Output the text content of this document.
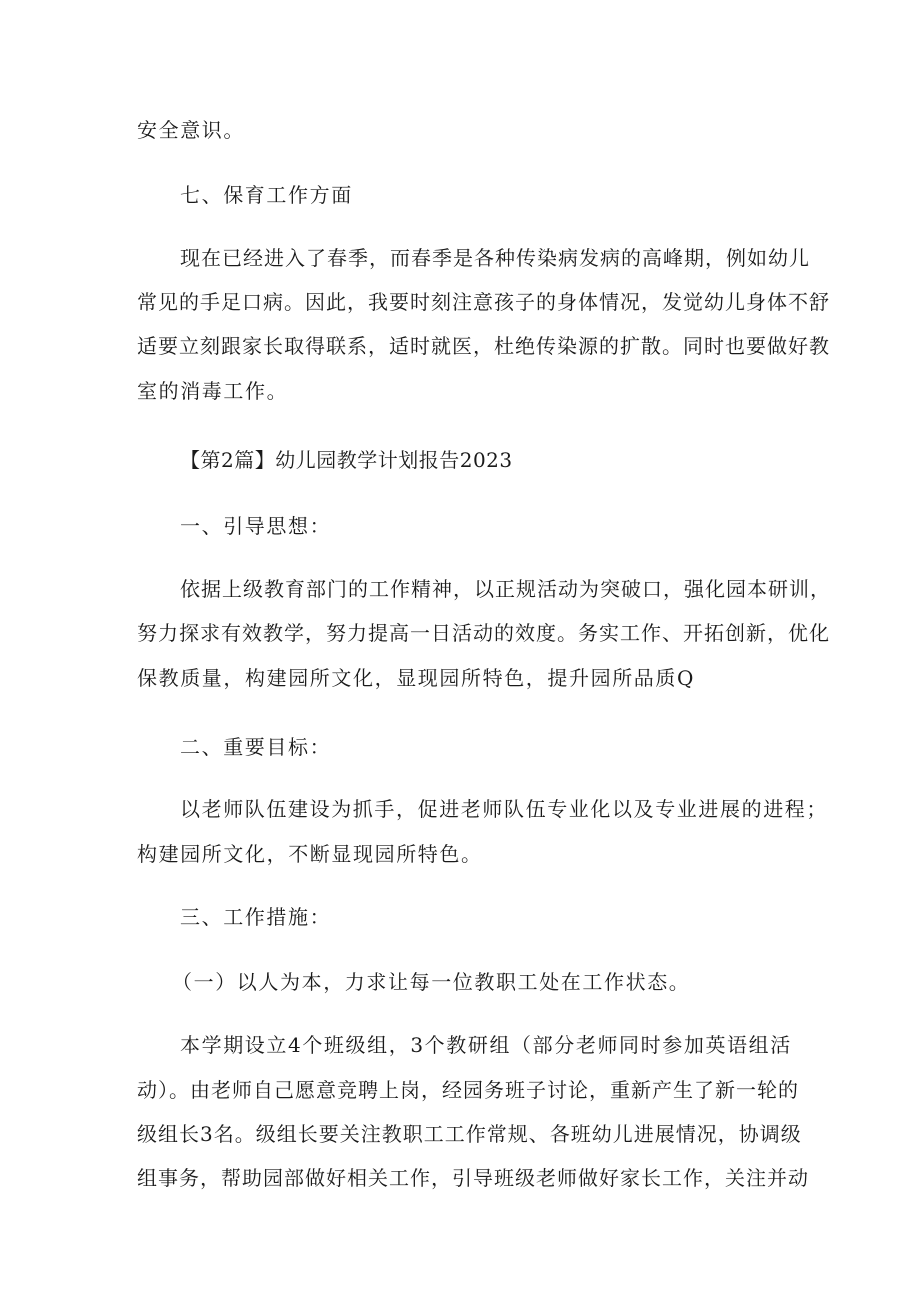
安全意识。
七、保育工作方面
现在已经进入了春季，而春季是各种传染病发病的高峰期，例如幼儿
常见的手足口病。因此，我要时刻注意孩子的身体情况，发觉幼儿身体不舒
适要立刻跟家长取得联系，适时就医，杜绝传染源的扩散。同时也要做好教
室的消毒工作。
【第2篇】幼儿园教学计划报告2023
一、引导思想：
依据上级教育部门的工作精神，以正规活动为突破口，强化园本研训，
努力探求有效教学，努力提高一日活动的效度。务实工作、开拓创新，优化
保教质量，构建园所文化，显现园所特色，提升园所品质Q
二、重要目标：
以老师队伍建设为抓手，促进老师队伍专业化以及专业进展的进程；
构建园所文化，不断显现园所特色。
三、工作措施：
（一）以人为本，力求让每一位教职工处在工作状态。
本学期设立4个班级组，3个教研组（部分老师同时参加英语组活
动）。由老师自己愿意竞聘上岗，经园务班子讨论，重新产生了新一轮的
级组长3名。级组长要关注教职工工作常规、各班幼儿进展情况，协调级
组事务，帮助园部做好相关工作，引导班级老师做好家长工作，关注并动
